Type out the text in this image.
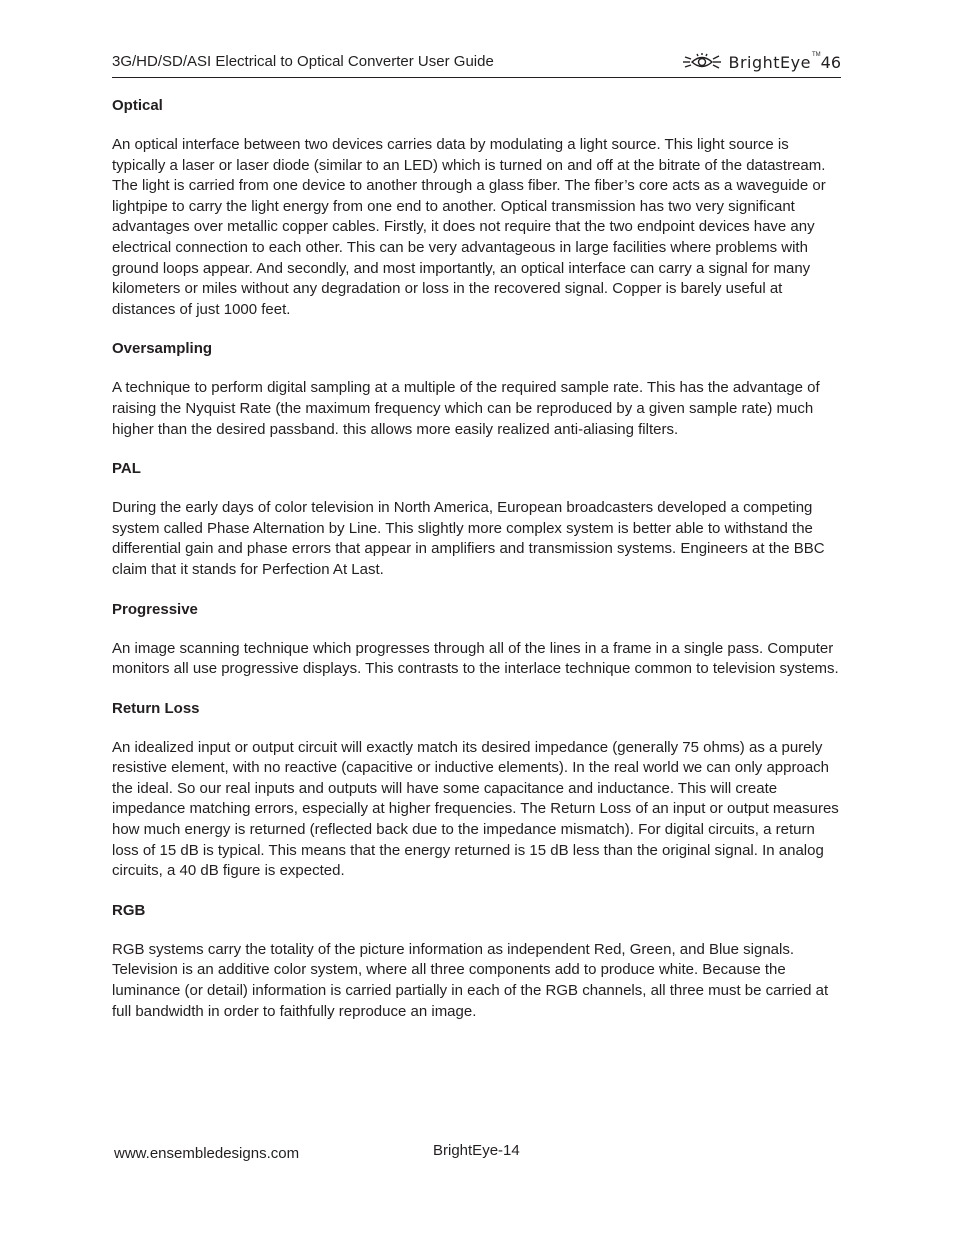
3G/HD/SD/ASI Electrical to Optical Converter User Guide	BrightEye TM 46

Optical

An optical interface between two devices carries data by modulating a light source. This light source is typically a laser or laser diode (similar to an LED) which is turned on and off at the bitrate of the datastream. The light is carried from one device to another through a glass fiber. The fiber’s core acts as a waveguide or lightpipe to carry the light energy from one end to another. Optical transmission has two very significant advantages over metallic copper cables. Firstly, it does not require that the two endpoint devices have any electrical connection to each other. This can be very advantageous in large facilities where problems with ground loops appear. And secondly, and most importantly, an optical interface can carry a signal for many kilometers or miles without any degradation or loss in the recovered signal. Copper is barely useful at distances of just 1000 feet.

Oversampling

A technique to perform digital sampling at a multiple of the required sample rate. This has the advantage of raising the Nyquist Rate (the maximum frequency which can be reproduced by a given sample rate) much higher than the desired passband. this allows more easily realized anti-aliasing filters.

PAL

During the early days of color television in North America, European broadcasters developed a competing system called Phase Alternation by Line. This slightly more complex system is better able to withstand the differential gain and phase errors that appear in amplifiers and transmission systems. Engineers at the BBC claim that it stands for Perfection At Last.

Progressive

An image scanning technique which progresses through all of the lines in a frame in a single pass. Computer monitors all use progressive displays. This contrasts to the interlace technique common to television systems.

Return Loss

An idealized input or output circuit will exactly match its desired impedance (generally 75 ohms) as a purely resistive element, with no reactive (capacitive or inductive elements). In the real world we can only approach the ideal. So our real inputs and outputs will have some capacitance and inductance. This will create impedance matching errors, especially at higher frequencies. The Return Loss of an input or output measures how much energy is returned (reflected back due to the impedance mismatch). For digital circuits, a return loss of 15 dB is typical. This means that the energy returned is 15 dB less than the original signal. In analog circuits, a 40 dB figure is expected.

RGB

RGB systems carry the totality of the picture information as independent Red, Green, and Blue signals. Television is an additive color system, where all three components add to produce white. Because the luminance (or detail) information is carried partially in each of the RGB channels, all three must be carried at full bandwidth in order to faithfully reproduce an image.

www.ensembledesigns.com	BrightEye-14
